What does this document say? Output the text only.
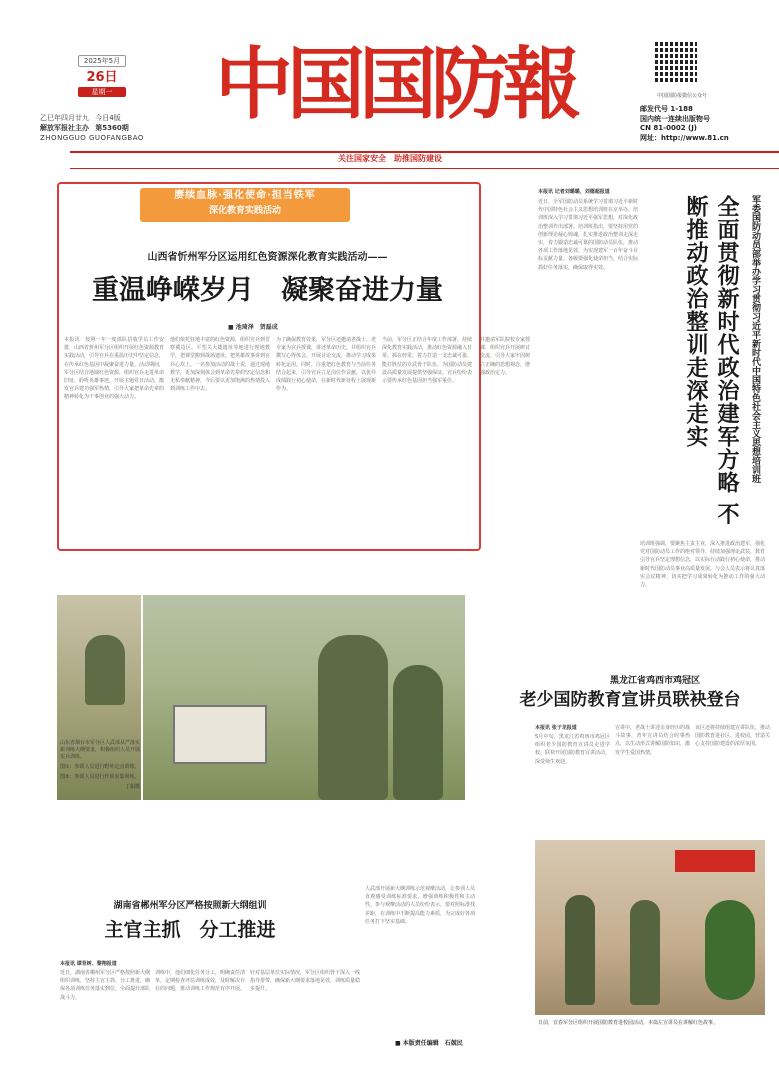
2025年5月
26日
星期一
乙巳年四月廿九 今日4版
解放军报社主办 第5360期
ZHONGGUO GUOFANGBAO
中国国防報	中国国防报微信公众号
邮发代号 1-188
国内统一连续出版物号
CN 81-0002 (J)
网址：http://www.81.cn
关注国家安全　助推国防建设
赓续血脉·强化使命·担当铁军
深化教育实践活动
山西省忻州军分区运用红色资源深化教育实践活动——
重温峥嵘岁月　凝聚奋进力量
■ 池琦泽　贺磊成
本报讯　按照一年一度部队招收学员工作安排，山西省忻州军分区组织开展红色资源教育实践活动，引导官兵在重温历史中坚定信念，在传承红色基因中凝聚奋进力量。活动期间，军分区结合地域红色资源，组织官兵走进革命旧址，聆听英雄事迹，开展主题党日活动，激发官兵建功强军热情，引导大家把革命先辈的精神转化为干事创业的强大动力。
他们依托驻地丰富的红色资源，组织官兵到晋察冀边区、平型关大捷遗址等地进行现地教学，把课堂搬到战场遗址，把英雄故事讲到官兵心坎上。一名参加活动的战士说，通过现地教学，更加深刻体会到革命先辈的坚定信念和无私奉献精神，今后要以更加饱满的热情投入到训练工作中去。
为了确保教育效果，军分区还邀请老战士、老专家为官兵授课，讲述革命历史，并组织官兵撰写心得体会、开展讨论交流，推动学习成果转化运用。同时，注重把红色教育与当前任务结合起来，引导官兵立足岗位作贡献，以优异成绩践行初心使命，在新时代新征程上展现新作为。
当前，军分区正结合年度工作部署，持续深化教育实践活动，推动红色资源融入日常、抓在经常，着力打造一支忠诚可靠、能打胜仗的专武骨干队伍，为国防动员建设高质量发展提供坚强保证。官兵纷纷表示要传承红色基因担当强军重任。
并邀请军队院校专家授课，组织官兵开展研讨交流，引导大家牢固树立正确的思想观念，增强政治定力。	军委国防动员部举办学习贯彻习近平新时代中国特色社会主义思想培训班
全面贯彻新时代政治建军方略 不断推动政治整训走深走实
本报讯 记者刘璐璐、刘德超报道
近日，全军国防动员系统学习贯彻习近平新时代中国特色社会主义思想培训班在京举办。培训班深入学习贯彻习近平强军思想，对深化政治整训作出部署。培训班指出，要坚持用党的创新理论凝心铸魂，扎实推进政治整训走深走实，着力锻造忠诚可靠的国防动员队伍，推动各项工作落地见效，为实现建军一百年奋斗目标贡献力量。各级要强化使命担当，结合实际抓好任务落实，确保取得实效。
培训班强调，要聚焦主责主业，深入推进政治建军，强化党对国防动员工作的绝对领导，持续加强理论武装，教育引导官兵坚定理想信念，以实际行动践行初心使命，推动新时代国防动员事业高质量发展。与会人员表示将认真落实会议精神，切实把学习成果转化为推动工作的强大动力。
山东省烟台市军分区人武部从严落实新训练大纲要求，积极组织人员开展实兵训练。
图①：参训人员进行野外定点训练。
图②：参训人员进行作训室集训练。
丁娟摄
黑龙江省鸡西市鸡冠区
老少国防教育宣讲员联袂登台
本报讯 张子龙报道
5月中旬，黑龙江省鸡西市鸡冠区组织老少国防教育宣讲员走进学校，联袂开展国防教育宣讲活动，深受师生欢迎。
宣讲中，老战士讲述亲身经历的战斗故事，青年宣讲员结合时事热点，以生动形式讲解国防知识，激发学生爱国热情。
该区还将持续组建宣讲队伍，推动国防教育进社区、进校园，营造关心支持国防建设的浓厚氛围。
湖南省郴州军分区严格按照新大纲组训
主官主抓　分工推进
本报讯 谭育树、黎翔报道
近日，湖南省郴州军分区严格按照新大纲组织训练，坚持主官主抓、分工推进，确保各项训练任务落实到位，全面提升部队战斗力。
训练中，他们细化任务分工，明确责任清单，定期检查评估训练成效，及时解决存在的问题，推动训练工作规范有序开展。
针对基层单位实际情况，军分区组织骨干深入一线指导帮带，确保新大纲要求落地见效，训练质量稳步提升。
人武部开展新大纲训练示范观摩活动，让参训人员直观感受训练标准要求，增强训练积极性和主动性。参与观摩活动的人员纷纷表示，要对照标准找差距，在训练中不断提高能力素质，为完成好各项任务打下坚实基础。
■ 本版责任编辑　石兢民
日前，宜春军分区组织开展国防教育进校园活动，本篇左宣讲员在讲解红色故事。
